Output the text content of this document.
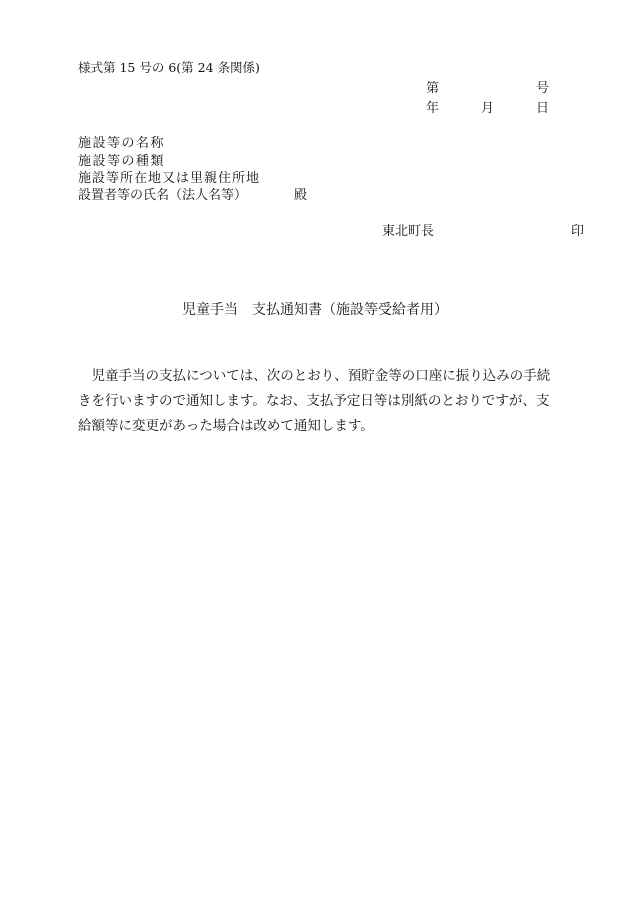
様式第 15 号の 6(第 24 条関係)
第	号
年	月	日
施設等の名称
施設等の種類
施設等所在地又は里親住所地
設置者等の氏名（法人名等）	殿
東北町長	印
児童手当　支払通知書（施設等受給者用）

　児童手当の支払については、次のとおり、預貯金等の口座に振り込みの手続

きを行いますので通知します。なお、支払予定日等は別紙のとおりですが、支

給額等に変更があった場合は改めて通知します。
